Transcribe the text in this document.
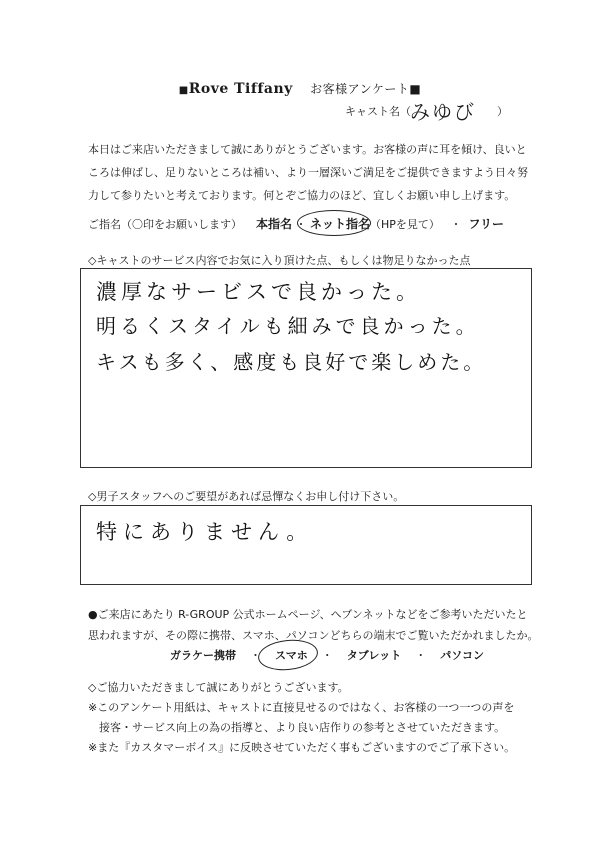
■Rove Tiffany お客様アンケート■
キャスト名（ みゆび ）
本日はご来店いただきまして誠にありがとうございます。お客様の声に耳を傾け、良いと
ころは伸ばし、足りないところは補い、より一層深いご満足をご提供できますよう日々努
力して参りたいと考えております。何とぞご協力のほど、宜しくお願い申し上げます。
ご指名（〇印をお願いします） 本指名 ・ ネット指名（HPを見て） ・ フリー
◇キャストのサービス内容でお気に入り頂けた点、もしくは物足りなかった点
濃厚なサービスで良かった。
明るくスタイルも細みで良かった。
キスも多く、感度も良好で楽しめた。
◇男子スタッフへのご要望があれば忌憚なくお申し付け下さい。
特にありません。
●ご来店にあたり R-GROUP 公式ホームページ、ヘブンネットなどをご参考いただいたと
思われますが、その際に携帯、スマホ、パソコンどちらの端末でご覧いただかれましたか。
ガラケー携帯 ・ スマホ ・ タブレット ・ パソコン
◇ご協力いただきまして誠にありがとうございます。
※このアンケート用紙は、キャストに直接見せるのではなく、お客様の一つ一つの声を
　接客・サービス向上の為の指導と、より良い店作りの参考とさせていただきます。
※また『カスタマーボイス』に反映させていただく事もございますのでご了承下さい。
